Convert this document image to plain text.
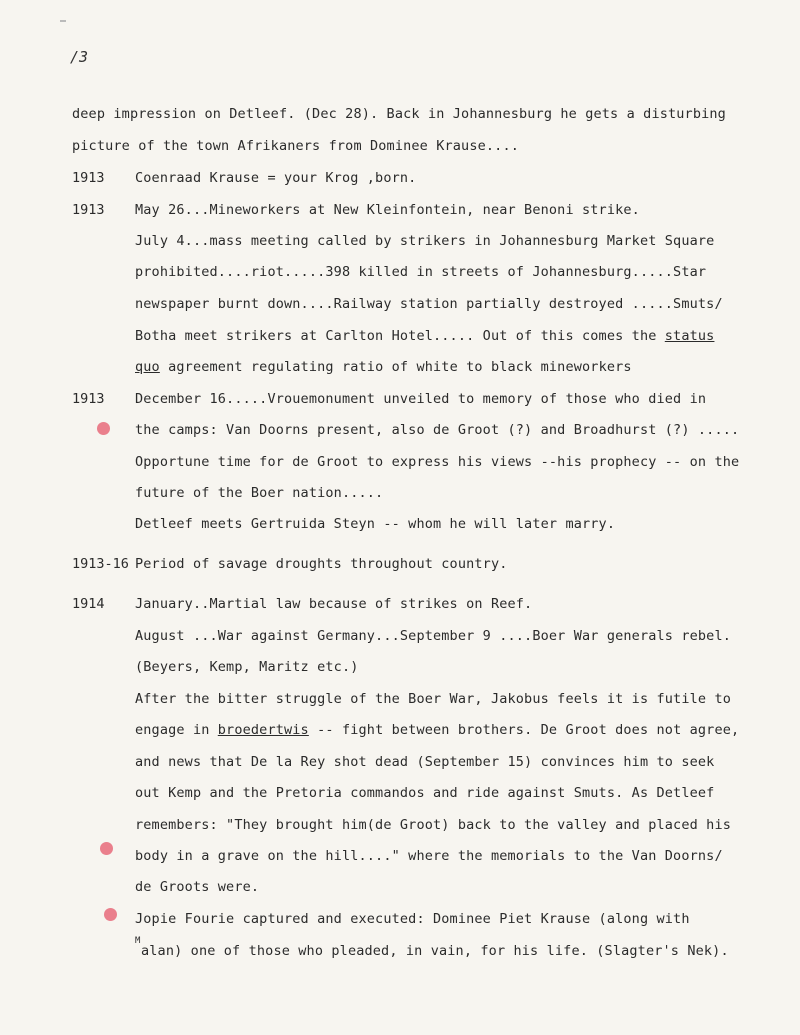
/3
deep impression on Detleef. (Dec 28). Back in Johannesburg he gets a disturbing
picture of the town Afrikaners from Dominee Krause....
1913 Coenraad Krause = your Krog ,born.
1913 May 26...Mineworkers at New Kleinfontein, near Benoni strike.
July 4...mass meeting called by strikers in Johannesburg Market Square
prohibited....riot.....398 killed in streets of Johannesburg.....Star
newspaper burnt down....Railway station partially destroyed .....Smuts/
Botha meet strikers at Carlton Hotel..... Out of this comes the status
quo agreement regulating ratio of white to black mineworkers
1913 December 16.....Vrouemonument unveiled to memory of those who died in
the camps: Van Doorns present, also de Groot (?) and Broadhurst (?) .....
Opportune time for de Groot to express his views --his prophecy -- on the
future of the Boer nation.....
Detleef meets Gertruida Steyn -- whom he will later marry.
1913-16 Period of savage droughts throughout country.
1914 January..Martial law because of strikes on Reef.
August ...War against Germany...September 9 ....Boer War generals rebel.
(Beyers, Kemp, Maritz etc.)
After the bitter struggle of the Boer War, Jakobus feels it is futile to
engage in broedertwis -- fight between brothers. De Groot does not agree,
and news that De la Rey shot dead (September 15) convinces him to seek
out Kemp and the Pretoria commandos and ride against Smuts. As Detleef
remembers: "They brought him(de Groot) back to the valley and placed his
body in a grave on the hill...." where the memorials to the Van Doorns/
de Groots were.
Jopie Fourie captured and executed: Dominee Piet Krause (along with
M
alan) one of those who pleaded, in vain, for his life. (Slagter's Nek).
